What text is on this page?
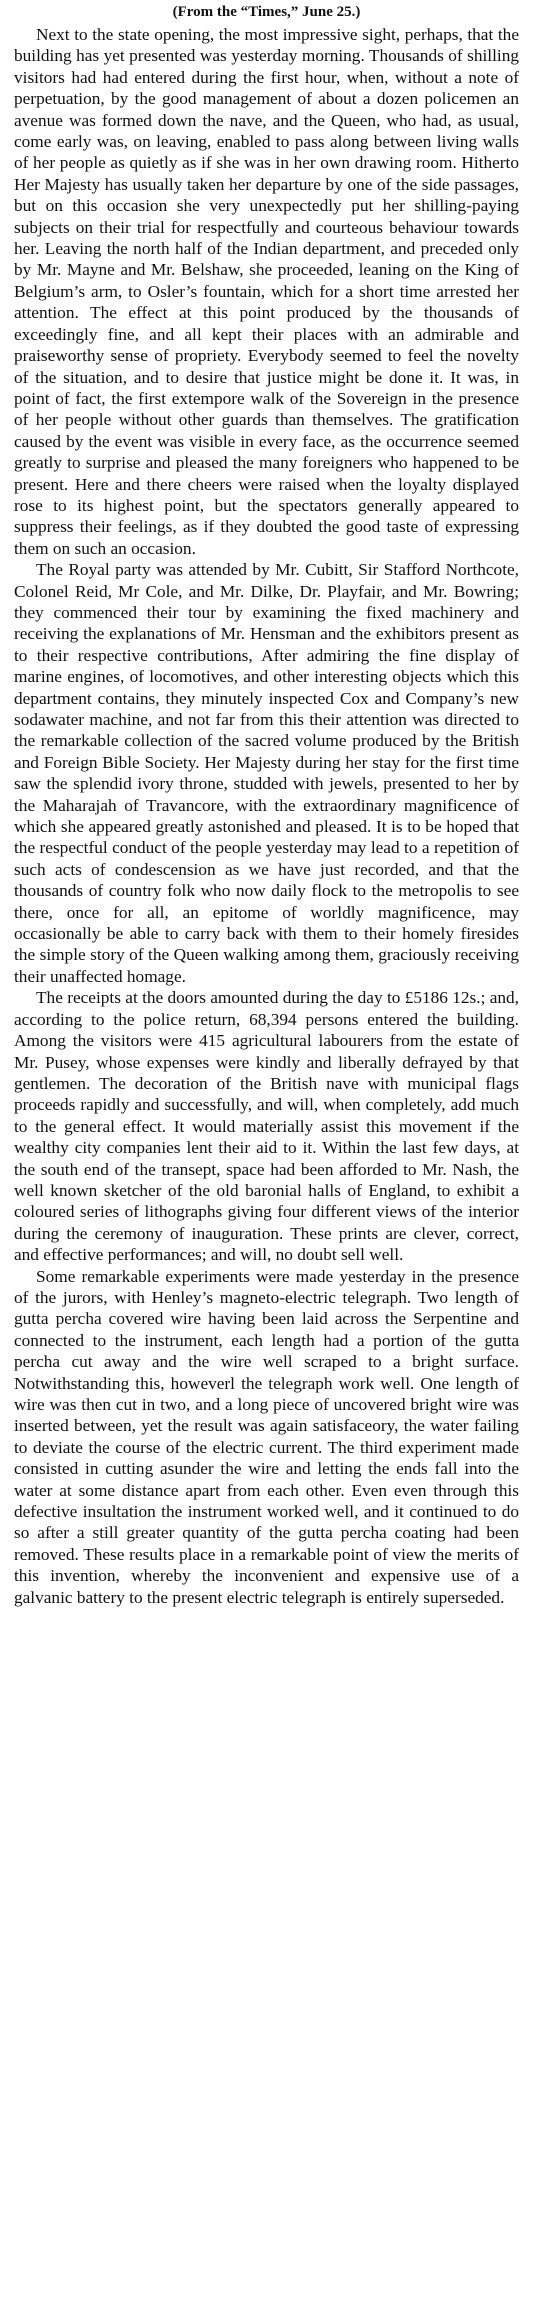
(From the “Times,” June 25.)

Next to the state opening, the most impressive sight, perhaps, that the building has yet presented was yesterday morning. Thousands of shilling visitors had had entered during the first hour, when, without a note of perpetuation, by the good management of about a dozen policemen an avenue was formed down the nave, and the Queen, who had, as usual, come early was, on leaving, enabled to pass along between living walls of her people as quietly as if she was in her own drawing room. Hitherto Her Majesty has usually taken her departure by one of the side passages, but on this occasion she very unexpectedly put her shilling-paying subjects on their trial for respectfully and courteous behaviour towards her. Leaving the north half of the Indian department, and preceded only by Mr. Mayne and Mr. Belshaw, she proceeded, leaning on the King of Belgium’s arm, to Osler’s fountain, which for a short time arrested her attention. The effect at this point produced by the thousands of exceedingly fine, and all kept their places with an admirable and praiseworthy sense of propriety. Everybody seemed to feel the novelty of the situation, and to desire that justice might be done it. It was, in point of fact, the first extempore walk of the Sovereign in the presence of her people without other guards than themselves. The gratification caused by the event was visible in every face, as the occurrence seemed greatly to surprise and pleased the many foreigners who happened to be present. Here and there cheers were raised when the loyalty displayed rose to its highest point, but the spectators generally appeared to suppress their feelings, as if they doubted the good taste of expressing them on such an occasion.

The Royal party was attended by Mr. Cubitt, Sir Stafford Northcote, Colonel Reid, Mr Cole, and Mr. Dilke, Dr. Playfair, and Mr. Bowring; they commenced their tour by examining the fixed machinery and receiving the explanations of Mr. Hensman and the exhibitors present as to their respective contributions, After admiring the fine display of marine engines, of locomotives, and other interesting objects which this department contains, they minutely inspected Cox and Company’s new sodawater machine, and not far from this their attention was directed to the remarkable collection of the sacred volume produced by the British and Foreign Bible Society. Her Majesty during her stay for the first time saw the splendid ivory throne, studded with jewels, presented to her by the Maharajah of Travancore, with the extraordinary magnificence of which she appeared greatly astonished and pleased. It is to be hoped that the respectful conduct of the people yesterday may lead to a repetition of such acts of condescension as we have just recorded, and that the thousands of country folk who now daily flock to the metropolis to see there, once for all, an epitome of worldly magnificence, may occasionally be able to carry back with them to their homely firesides the simple story of the Queen walking among them, graciously receiving their unaffected homage.

The receipts at the doors amounted during the day to £5186 12s.; and, according to the police return, 68,394 persons entered the building. Among the visitors were 415 agricultural labourers from the estate of Mr. Pusey, whose expenses were kindly and liberally defrayed by that gentlemen. The decoration of the British nave with municipal flags proceeds rapidly and successfully, and will, when completely, add much to the general effect. It would materially assist this movement if the wealthy city companies lent their aid to it. Within the last few days, at the south end of the transept, space had been afforded to Mr. Nash, the well known sketcher of the old baronial halls of England, to exhibit a coloured series of lithographs giving four different views of the interior during the ceremony of inauguration. These prints are clever, correct, and effective performances; and will, no doubt sell well.

Some remarkable experiments were made yesterday in the presence of the jurors, with Henley’s magneto-electric telegraph. Two length of gutta percha covered wire having been laid across the Serpentine and connected to the instrument, each length had a portion of the gutta percha cut away and the wire well scraped to a bright surface. Notwithstanding this, howeverl the telegraph work well. One length of wire was then cut in two, and a long piece of uncovered bright wire was inserted between, yet the result was again satisfaceory, the water failing to deviate the course of the electric current. The third experiment made consisted in cutting asunder the wire and letting the ends fall into the water at some distance apart from each other. Even even through this defective insultation the instrument worked well, and it continued to do so after a still greater quantity of the gutta percha coating had been removed. These results place in a remarkable point of view the merits of this invention, whereby the inconvenient and expensive use of a galvanic battery to the present electric telegraph is entirely superseded.
